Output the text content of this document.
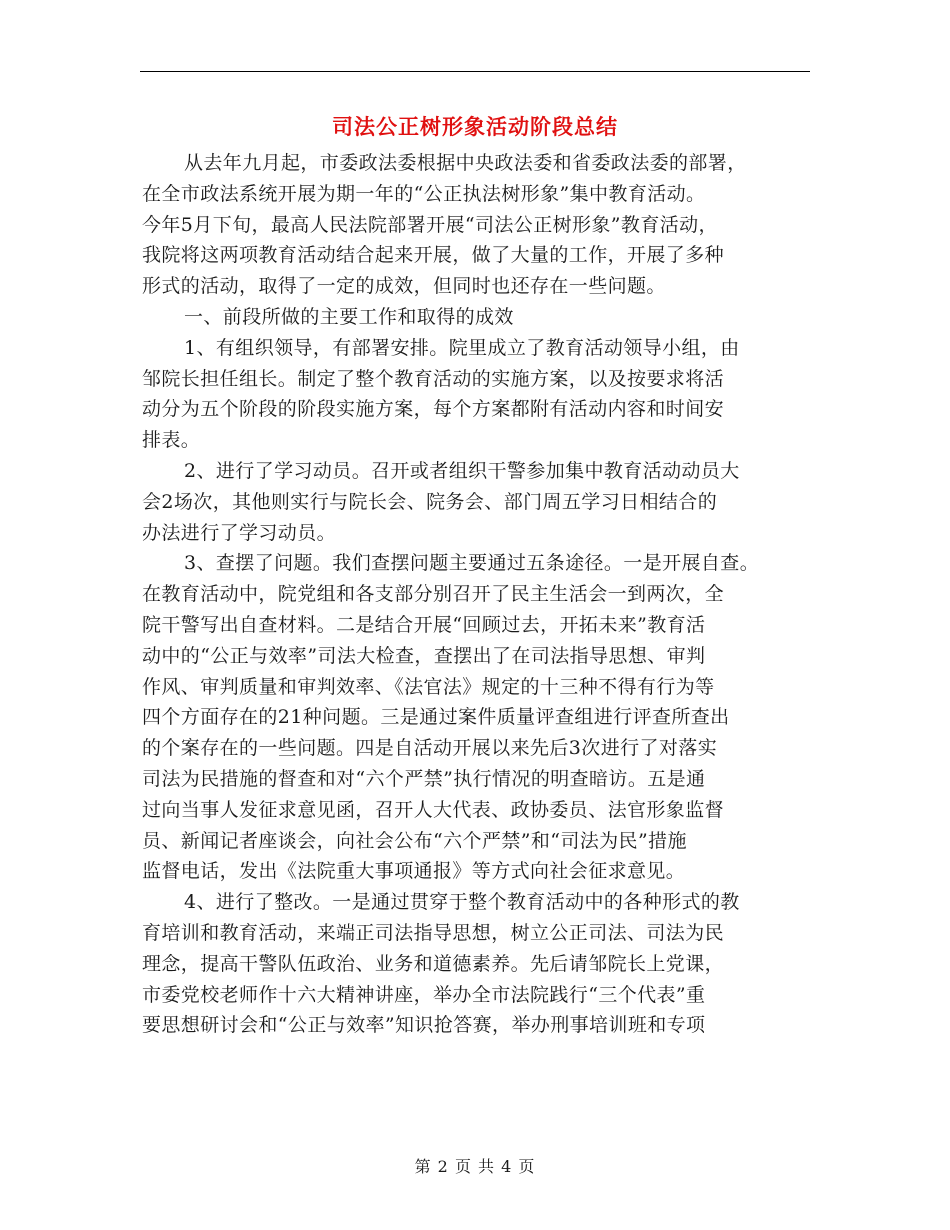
司法公正树形象活动阶段总结
从去年九月起，市委政法委根据中央政法委和省委政法委的部署，
在全市政法系统开展为期一年的“公正执法树形象”集中教育活动。
今年5月下旬，最高人民法院部署开展“司法公正树形象”教育活动，
我院将这两项教育活动结合起来开展，做了大量的工作，开展了多种
形式的活动，取得了一定的成效，但同时也还存在一些问题。
一、前段所做的主要工作和取得的成效
1、有组织领导，有部署安排。院里成立了教育活动领导小组，由
邹院长担任组长。制定了整个教育活动的实施方案，以及按要求将活
动分为五个阶段的阶段实施方案，每个方案都附有活动内容和时间安
排表。
2、进行了学习动员。召开或者组织干警参加集中教育活动动员大
会2场次，其他则实行与院长会、院务会、部门周五学习日相结合的
办法进行了学习动员。
3、查摆了问题。我们查摆问题主要通过五条途径。一是开展自查。
在教育活动中，院党组和各支部分别召开了民主生活会一到两次，全
院干警写出自查材料。二是结合开展“回顾过去，开拓未来”教育活
动中的“公正与效率”司法大检查，查摆出了在司法指导思想、审判
作风、审判质量和审判效率、《法官法》规定的十三种不得有行为等
四个方面存在的21种问题。三是通过案件质量评查组进行评查所查出
的个案存在的一些问题。四是自活动开展以来先后3次进行了对落实
司法为民措施的督查和对“六个严禁”执行情况的明查暗访。五是通
过向当事人发征求意见函，召开人大代表、政协委员、法官形象监督
员、新闻记者座谈会，向社会公布“六个严禁”和“司法为民”措施
监督电话，发出《法院重大事项通报》等方式向社会征求意见。
4、进行了整改。一是通过贯穿于整个教育活动中的各种形式的教
育培训和教育活动，来端正司法指导思想，树立公正司法、司法为民
理念，提高干警队伍政治、业务和道德素养。先后请邹院长上党课，
市委党校老师作十六大精神讲座，举办全市法院践行“三个代表”重
要思想研讨会和“公正与效率”知识抢答赛，举办刑事培训班和专项
第 2 页 共 4 页
